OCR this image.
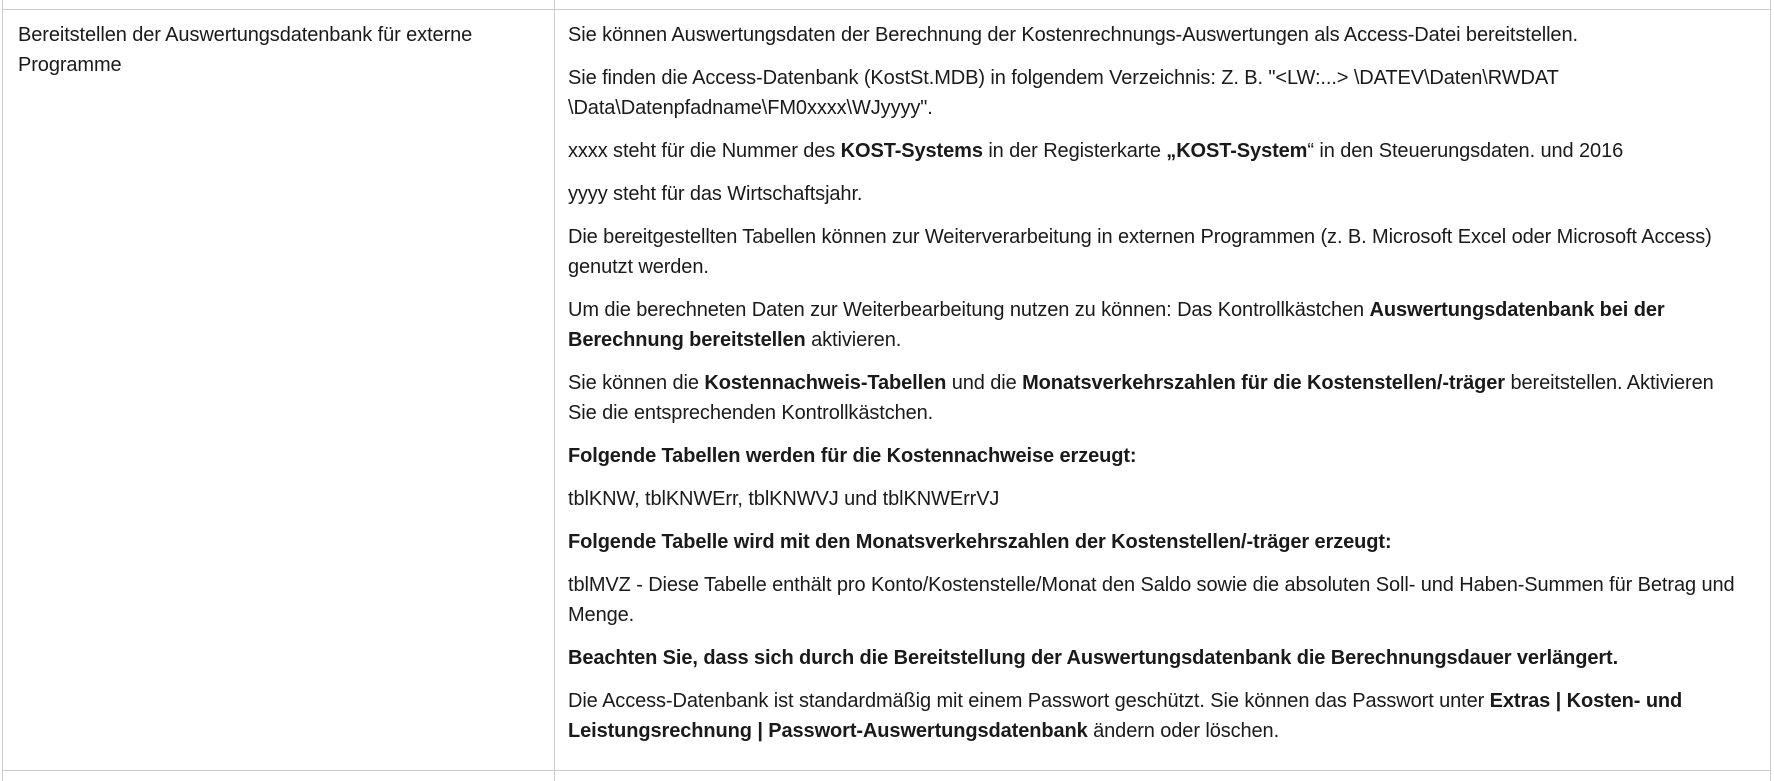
Bereitstellen der Auswertungsdatenbank für externe Programme

Sie können Auswertungsdaten der Berechnung der Kostenrechnungs-Auswertungen als Access-Datei bereitstellen.

Sie finden die Access-Datenbank (KostSt.MDB) in folgendem Verzeichnis: Z. B. "<LW:...> \DATEV\Daten\RWDAT \Data\Datenpfadname\FM0xxxx\WJyyyy".

xxxx steht für die Nummer des KOST-Systems in der Registerkarte „KOST-System“ in den Steuerungsdaten. und 2016

yyyy steht für das Wirtschaftsjahr.

Die bereitgestellten Tabellen können zur Weiterverarbeitung in externen Programmen (z. B. Microsoft Excel oder Microsoft Access) genutzt werden.

Um die berechneten Daten zur Weiterbearbeitung nutzen zu können: Das Kontrollkästchen Auswertungsdatenbank bei der Berechnung bereitstellen aktivieren.

Sie können die Kostennachweis-Tabellen und die Monatsverkehrszahlen für die Kostenstellen/-träger bereitstellen. Aktivieren Sie die entsprechenden Kontrollkästchen.

Folgende Tabellen werden für die Kostennachweise erzeugt:

tblKNW, tblKNWErr, tblKNWVJ und tblKNWErrVJ

Folgende Tabelle wird mit den Monatsverkehrszahlen der Kostenstellen/-träger erzeugt:

tblMVZ - Diese Tabelle enthält pro Konto/Kostenstelle/Monat den Saldo sowie die absoluten Soll- und Haben-Summen für Betrag und Menge.

Beachten Sie, dass sich durch die Bereitstellung der Auswertungsdatenbank die Berechnungsdauer verlängert.

Die Access-Datenbank ist standardmäßig mit einem Passwort geschützt. Sie können das Passwort unter Extras | Kosten- und Leistungsrechnung | Passwort-Auswertungsdatenbank ändern oder löschen.
